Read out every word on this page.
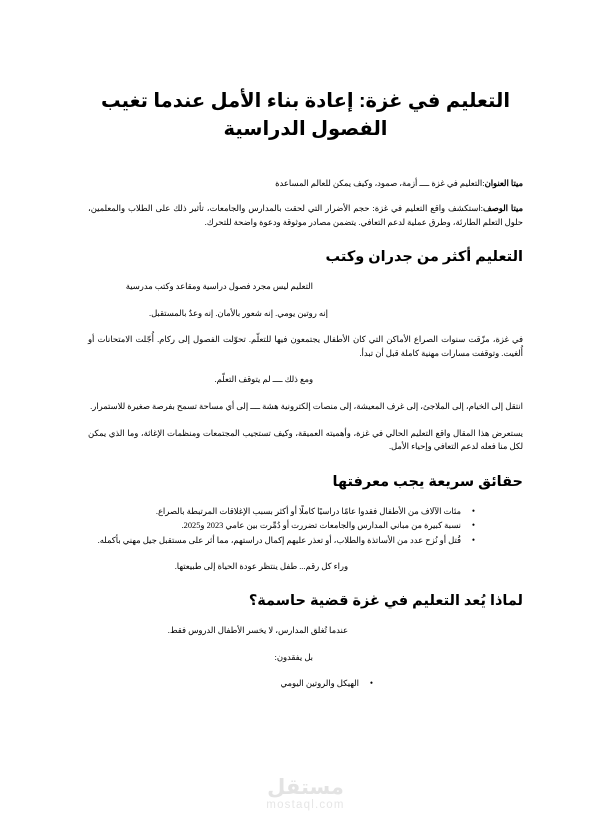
التعليم في غزة: إعادة بناء الأمل عندما تغيب الفصول الدراسية

ميتا العنوان:التعليم في غزة ــــ أزمة، صمود، وكيف يمكن للعالم المساعدة

ميتا الوصف:استكشف واقع التعليم في غزة: حجم الأضرار التي لحقت بالمدارس والجامعات، تأثير ذلك على الطلاب والمعلمين، حلول التعلم الطارئة، وطرق عملية لدعم التعافي. يتضمن مصادر موثوقة ودعوة واضحة للتحرك.

التعليم أكثر من جدران وكتب

التعليم ليس مجرد فصول دراسية ومقاعد وكتب مدرسية

إنه روتين يومي. إنه شعور بالأمان. إنه وعدٌ بالمستقبل.

في غزة، مزّقت سنوات الصراع الأماكن التي كان الأطفال يجتمعون فيها للتعلّم. تحوّلت الفصول إلى ركام. أُجّلت الامتحانات أو أُلغيت. وتوقفت مسارات مهنية كاملة قبل أن تبدأ.

ومع ذلك ــــ لم يتوقف التعلّم.

انتقل إلى الخيام، إلى الملاجئ، إلى غرف المعيشة، إلى منصات إلكترونية هشة ــــ إلى أي مساحة تسمح بفرصة صغيرة للاستمرار.

يستعرض هذا المقال واقع التعليم الحالي في غزة، وأهميته العميقة، وكيف تستجيب المجتمعات ومنظمات الإغاثة، وما الذي يمكن لكل منا فعله لدعم التعافي وإحياء الأمل.

حقائق سريعة يجب معرفتها
• مئات الآلاف من الأطفال فقدوا عامًا دراسيًا كاملًا أو أكثر بسبب الإغلاقات المرتبطة بالصراع.
• نسبة كبيرة من مباني المدارس والجامعات تضررت أو دُمِّرت بين عامي 2023 و2025.
• قُتل أو نُزح عدد من الأساتذة والطلاب، أو تعذر عليهم إكمال دراستهم، مما أثر على مستقبل جيل مهني بأكمله.

وراء كل رقم... طفل ينتظر عودة الحياة إلى طبيعتها.

لماذا يُعد التعليم في غزة قضية حاسمة؟

عندما تُغلق المدارس، لا يخسر الأطفال الدروس فقط.

بل يفقدون:

• الهيكل والروتين اليومي
مستقل
mostaql.com
